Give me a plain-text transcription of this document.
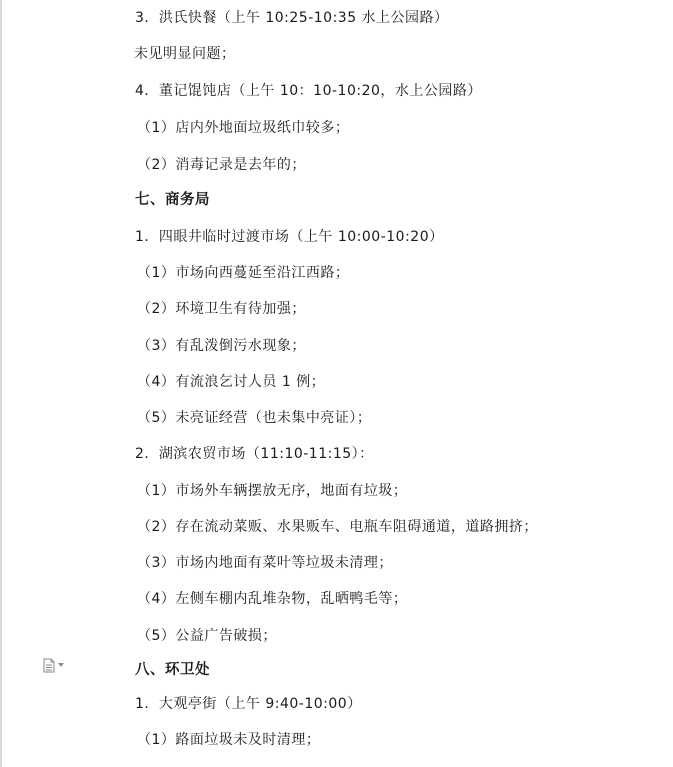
3．洪氏快餐（上午 10:25-10:35 水上公园路）
未见明显问题；
4．董记馄饨店（上午 10：10-10:20，水上公园路）
（1）店内外地面垃圾纸巾较多；
（2）消毒记录是去年的；
七、商务局
1．四眼井临时过渡市场（上午 10:00-10:20）
（1）市场向西蔓延至沿江西路；
（2）环境卫生有待加强；
（3）有乱泼倒污水现象；
（4）有流浪乞讨人员 1 例；
（5）未亮证经营（也未集中亮证）；
2．湖滨农贸市场（11:10-11:15）：
（1）市场外车辆摆放无序，地面有垃圾；
（2）存在流动菜贩、水果贩车、电瓶车阻碍通道，道路拥挤；
（3）市场内地面有菜叶等垃圾未清理；
（4）左侧车棚内乱堆杂物，乱晒鸭毛等；
（5）公益广告破损；
八、环卫处
1．大观亭街（上午 9:40-10:00）
（1）路面垃圾未及时清理；
